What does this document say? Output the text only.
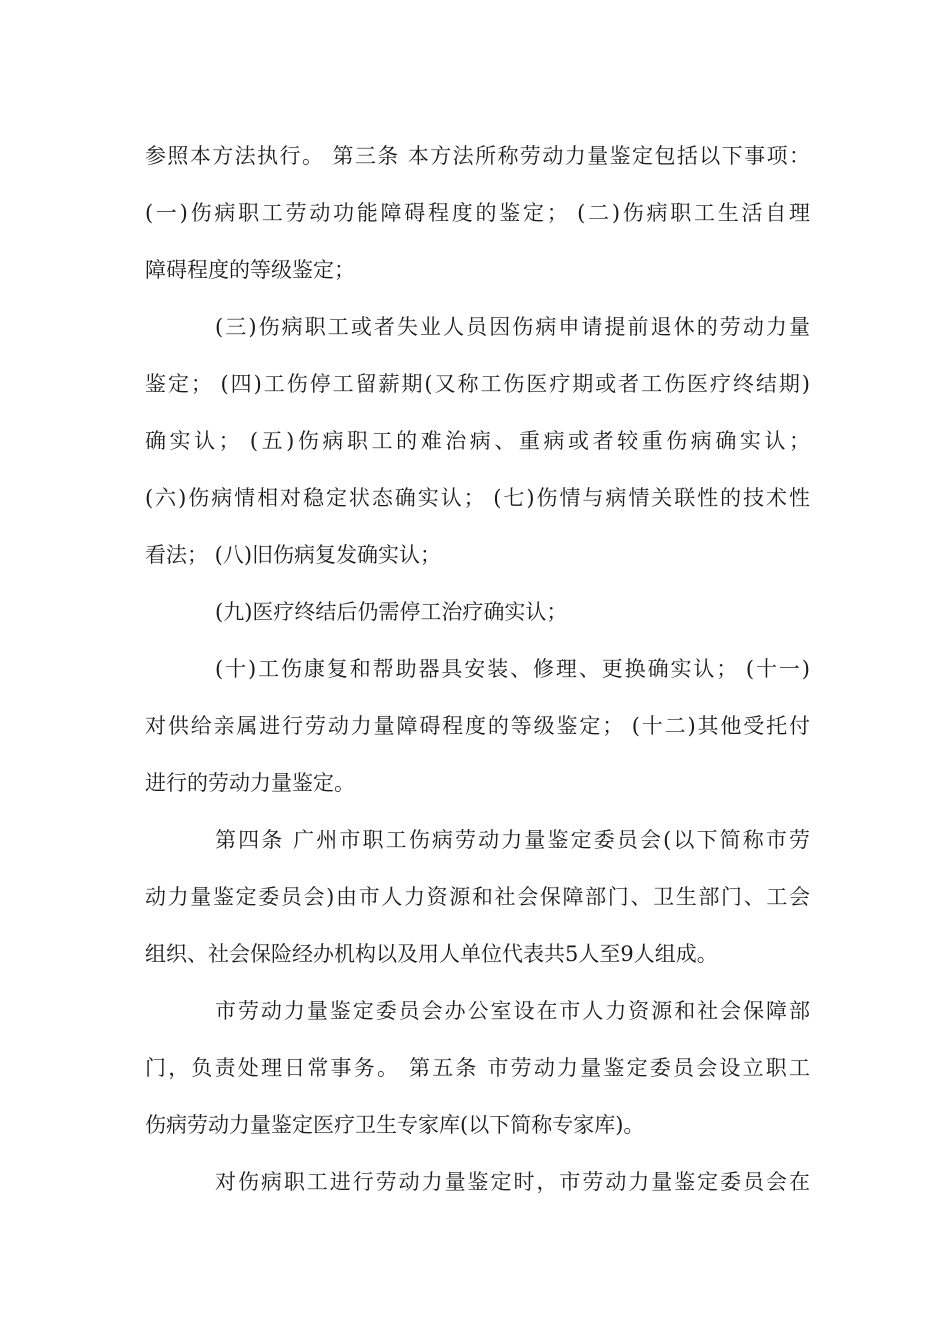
参照本方法执行。 第三条 本方法所称劳动力量鉴定包括以下事项：
(一)伤病职工劳动功能障碍程度的鉴定； (二)伤病职工生活自理
障碍程度的等级鉴定；
(三)伤病职工或者失业人员因伤病申请提前退休的劳动力量
鉴定； (四)工伤停工留薪期(又称工伤医疗期或者工伤医疗终结期)
确实认； (五)伤病职工的难治病、重病或者较重伤病确实认；
(六)伤病情相对稳定状态确实认； (七)伤情与病情关联性的技术性
看法； (八)旧伤病复发确实认；
(九)医疗终结后仍需停工治疗确实认；
(十)工伤康复和帮助器具安装、修理、更换确实认； (十一)
对供给亲属进行劳动力量障碍程度的等级鉴定； (十二)其他受托付
进行的劳动力量鉴定。
第四条 广州市职工伤病劳动力量鉴定委员会(以下简称市劳
动力量鉴定委员会)由市人力资源和社会保障部门、卫生部门、工会
组织、社会保险经办机构以及用人单位代表共5人至9人组成。
市劳动力量鉴定委员会办公室设在市人力资源和社会保障部
门，负责处理日常事务。 第五条 市劳动力量鉴定委员会设立职工
伤病劳动力量鉴定医疗卫生专家库(以下简称专家库)。
对伤病职工进行劳动力量鉴定时，市劳动力量鉴定委员会在
